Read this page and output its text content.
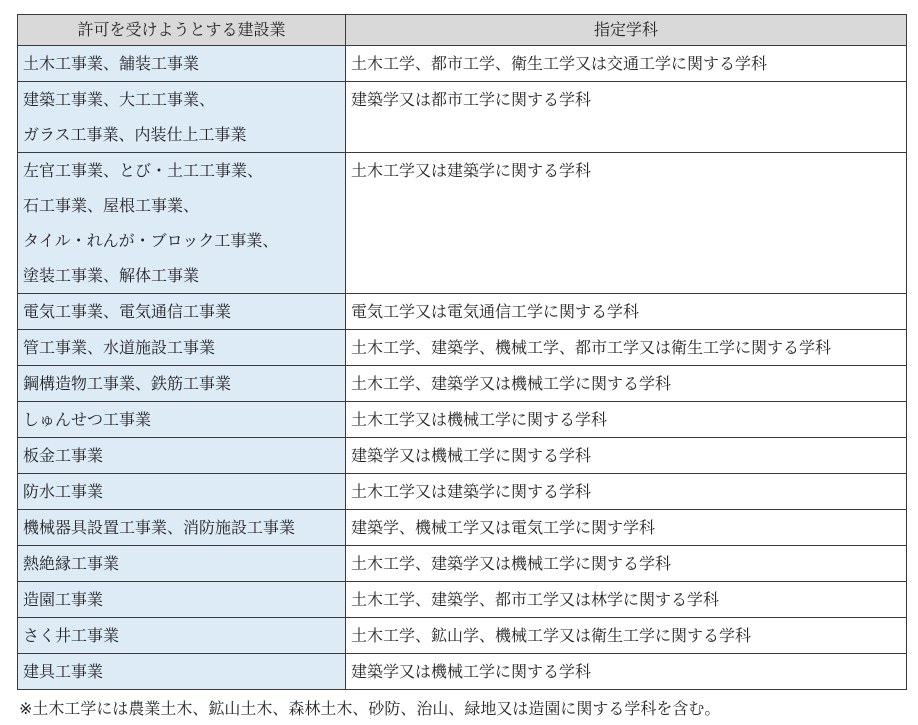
許可を受けようとする建設業	指定学科

土木工事業、舗装工事業	土木工学、都市工学、衛生工学又は交通工学に関する学科

建築工事業、大工工事業、
ガラス工事業、内装仕上工事業	建築学又は都市工学に関する学科

左官工事業、とび・土工工事業、
石工事業、屋根工事業、
タイル・れんが・ブロック工事業、
塗装工事業、解体工事業	土木工学又は建築学に関する学科

電気工事業、電気通信工事業	電気工学又は電気通信工学に関する学科

管工事業、水道施設工事業	土木工学、建築学、機械工学、都市工学又は衛生工学に関する学科

鋼構造物工事業、鉄筋工事業	土木工学、建築学又は機械工学に関する学科

しゅんせつ工事業	土木工学又は機械工学に関する学科

板金工事業	建築学又は機械工学に関する学科

防水工事業	土木工学又は建築学に関する学科

機械器具設置工事業、消防施設工事業	建築学、機械工学又は電気工学に関す学科

熱絶縁工事業	土木工学、建築学又は機械工学に関する学科

造園工事業	土木工学、建築学、都市工学又は林学に関する学科

さく井工事業	土木工学、鉱山学、機械工学又は衛生工学に関する学科

建具工事業	建築学又は機械工学に関する学科
※土木工学には農業土木、鉱山土木、森林土木、砂防、治山、緑地又は造園に関する学科を含む。
